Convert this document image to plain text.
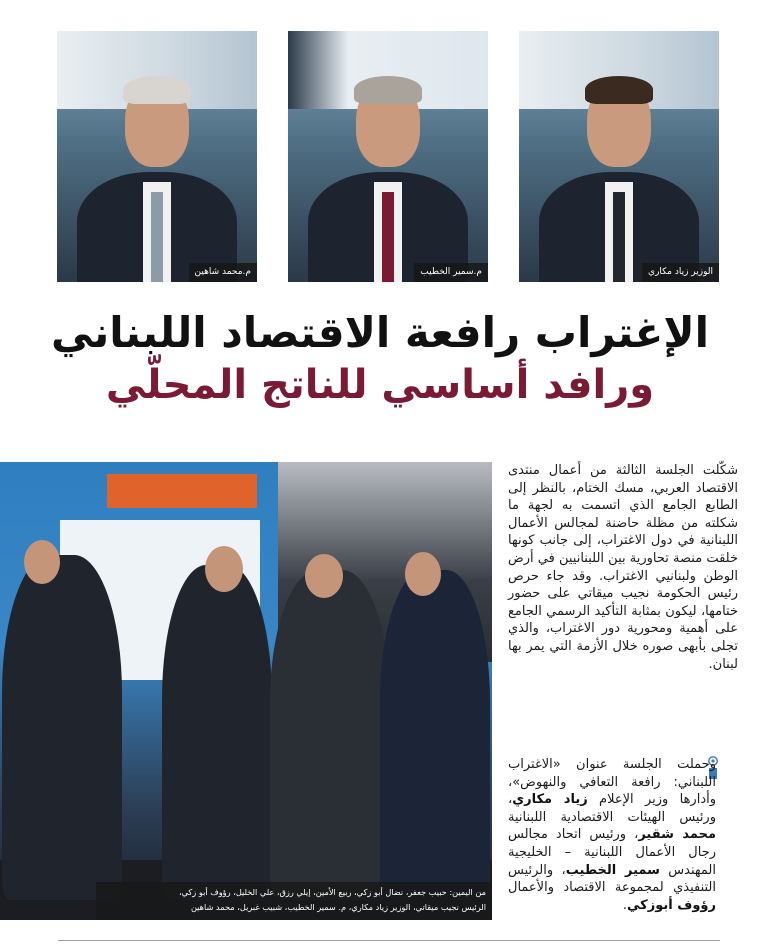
م.محمد شاهين	م.سمير الخطيب	الوزير زياد مكاري
الإغتراب رافعة الاقتصاد اللبناني
ورافد أساسي للناتج المحلّي
من اليمين: حبيب جعفر، نضال أبو زكي، ربيع الأمين، إيلي رزق، علي الخليل، رؤوف أبو زكي،
الرئيس نجيب ميقاتي، الوزير زياد مكاري، م. سمير الخطيب، شبيب غبريل، محمد شاهين

شكّلت الجلسة الثالثة من أعمال منتدى الاقتصاد العربي، مسك الختام، بالنظر إلى الطابع الجامع الذي اتسمت به لجهة ما شكلته من مظلة حاضنة لمجالس الأعمال اللبنانية في دول الاغتراب، إلى جانب كونها خلقت منصة تحاورية بين اللبنانيين في أرض الوطن ولبنانيي الاغتراب. وقد جاء حرص رئيس الحكومة نجيب ميقاتي على حضور ختامها، ليكون بمثابة التأكيد الرسمي الجامع على أهمية ومحورية دور الاغتراب، والذي تجلى بأبهى صوره خلال الأزمة التي يمر بها لبنان.

وحملت الجلسة عنوان «الاغتراب اللبناني: رافعة التعافي والنهوض»، وأدارها وزير الإعلام زياد مكاري، ورئيس الهيئات الاقتصادية اللبنانية محمد شقير، ورئيس اتحاد مجالس رجال الأعمال اللبنانية – الخليجية المهندس سمير الخطيب، والرئيس التنفيذي لمجموعة الاقتصاد والأعمال رؤوف أبوزكي.
